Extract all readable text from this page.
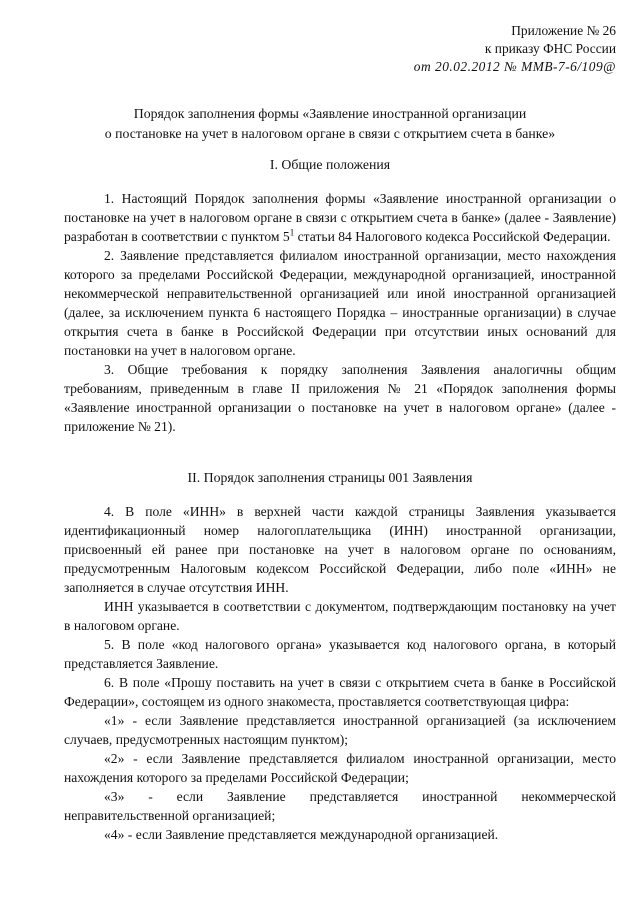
Приложение № 26
к приказу ФНС России
от 20.02.2012 № ММВ-7-6/109@
Порядок заполнения формы «Заявление иностранной организации
о постановке на учет в налоговом органе в связи с открытием счета в банке»
I. Общие положения

1. Настоящий Порядок заполнения формы «Заявление иностранной организации о постановке на учет в налоговом органе в связи с открытием счета в банке» (далее - Заявление) разработан в соответствии с пунктом $5^1$ статьи 84 Налогового кодекса Российской Федерации.

2. Заявление представляется филиалом иностранной организации, место нахождения которого за пределами Российской Федерации, международной организацией, иностранной некоммерческой неправительственной организацией или иной иностранной организацией (далее, за исключением пункта 6 настоящего Порядка – иностранные организации) в случае открытия счета в банке в Российской Федерации при отсутствии иных оснований для постановки на учет в налоговом органе.

3. Общие требования к порядку заполнения Заявления аналогичны общим требованиям, приведенным в главе II приложения № 21 «Порядок заполнения формы «Заявление иностранной организации о постановке на учет в налоговом органе» (далее - приложение № 21).

II. Порядок заполнения страницы 001 Заявления

4. В поле «ИНН» в верхней части каждой страницы Заявления указывается идентификационный номер налогоплательщика (ИНН) иностранной организации, присвоенный ей ранее при постановке на учет в налоговом органе по основаниям, предусмотренным Налоговым кодексом Российской Федерации, либо поле «ИНН» не заполняется в случае отсутствия ИНН.

ИНН указывается в соответствии с документом, подтверждающим постановку на учет в налоговом органе.

5. В поле «код налогового органа» указывается код налогового органа, в который представляется Заявление.

6. В поле «Прошу поставить на учет в связи с открытием счета в банке в Российской Федерации», состоящем из одного знакоместа, проставляется соответствующая цифра:

«1» - если Заявление представляется иностранной организацией (за исключением случаев, предусмотренных настоящим пунктом);

«2» - если Заявление представляется филиалом иностранной организации, место нахождения которого за пределами Российской Федерации;

«3» - если Заявление представляется иностранной некоммерческой неправительственной организацией;

«4» - если Заявление представляется международной организацией.
